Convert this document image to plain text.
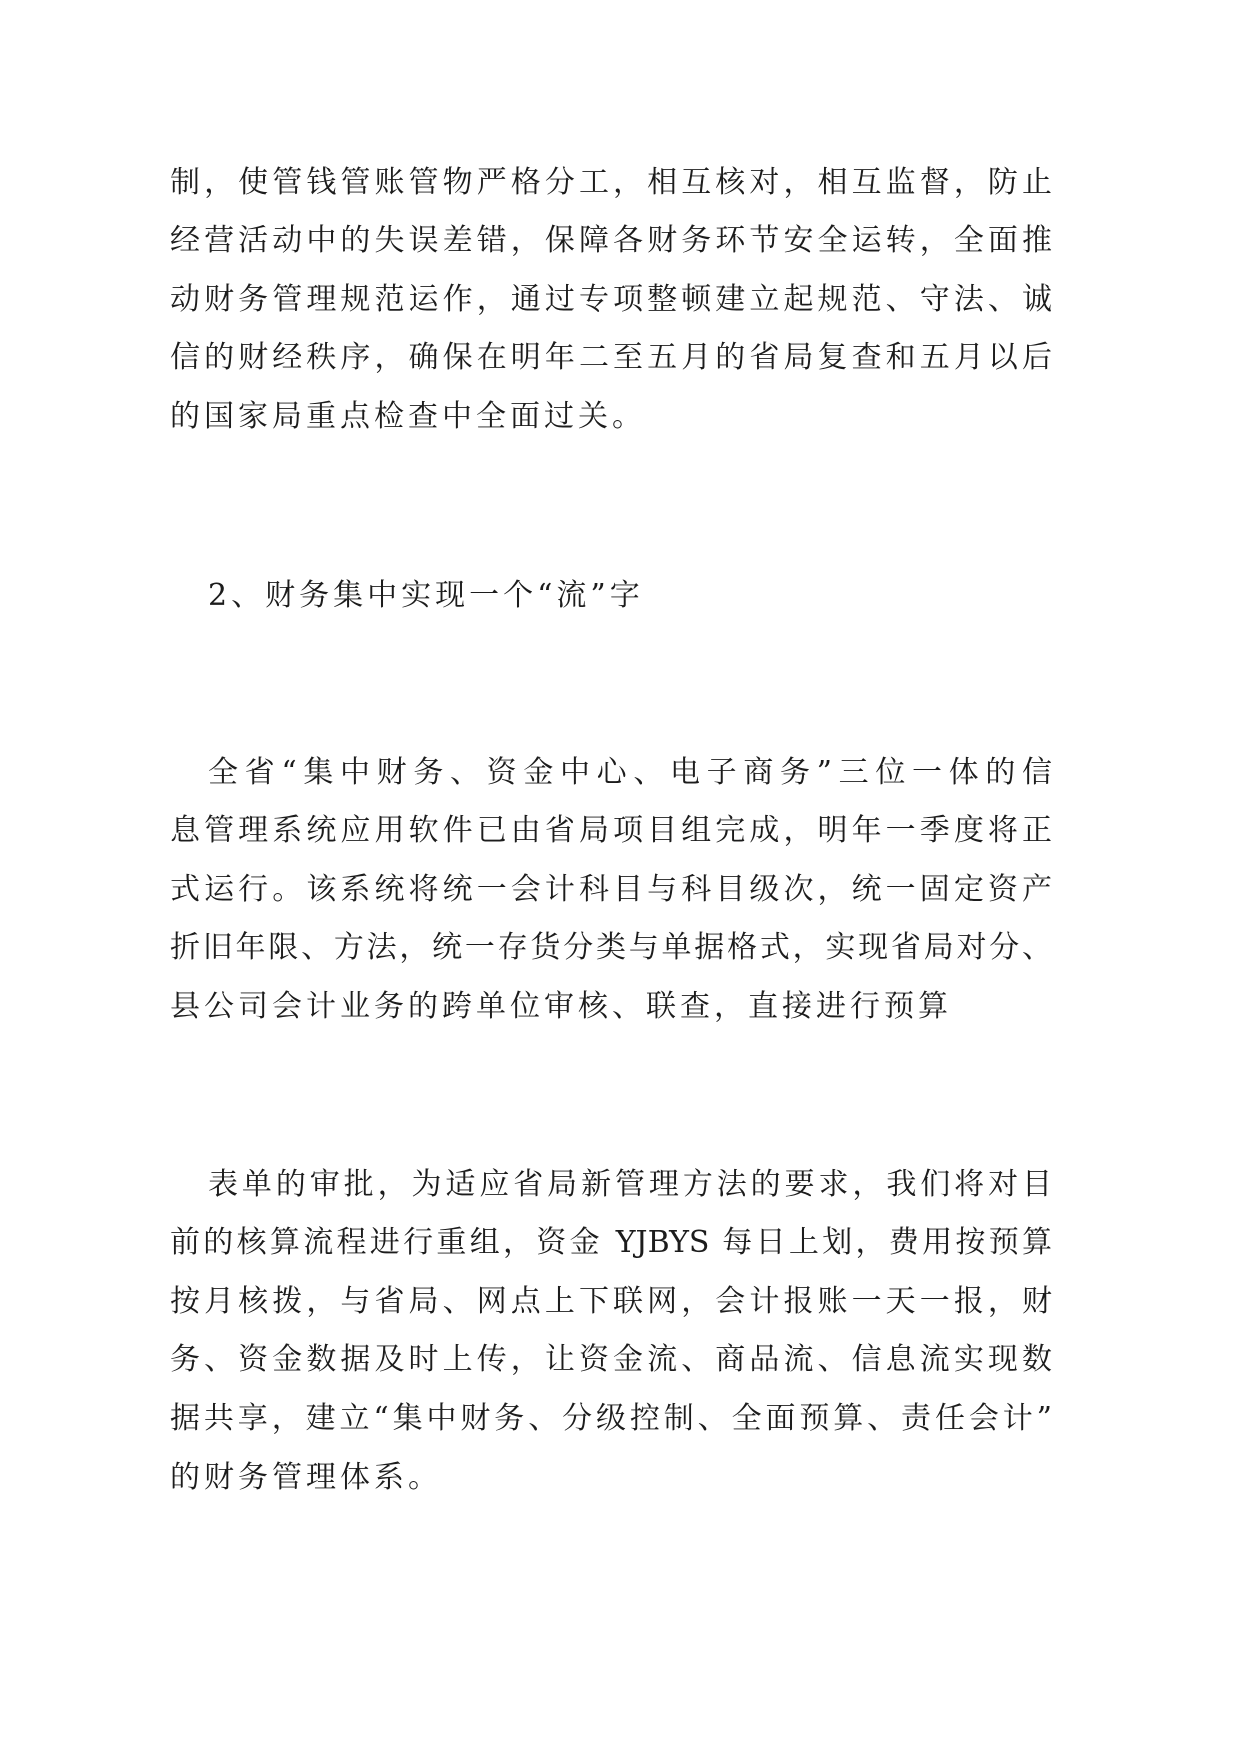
制，使管钱管账管物严格分工，相互核对，相互监督，防止
经营活动中的失误差错，保障各财务环节安全运转，全面推
动财务管理规范运作，通过专项整顿建立起规范、守法、诚
信的财经秩序，确保在明年二至五月的省局复查和五月以后
的国家局重点检查中全面过关。
2、财务集中实现一个“流”字
全省“集中财务、资金中心、电子商务”三位一体的信
息管理系统应用软件已由省局项目组完成，明年一季度将正
式运行。该系统将统一会计科目与科目级次，统一固定资产
折旧年限、方法，统一存货分类与单据格式，实现省局对分、
县公司会计业务的跨单位审核、联查，直接进行预算
表单的审批，为适应省局新管理方法的要求，我们将对目
前的核算流程进行重组，资金 YJBYS 每日上划，费用按预算
按月核拨，与省局、网点上下联网，会计报账一天一报，财
务、资金数据及时上传，让资金流、商品流、信息流实现数
据共享，建立“集中财务、分级控制、全面预算、责任会计”
的财务管理体系。
